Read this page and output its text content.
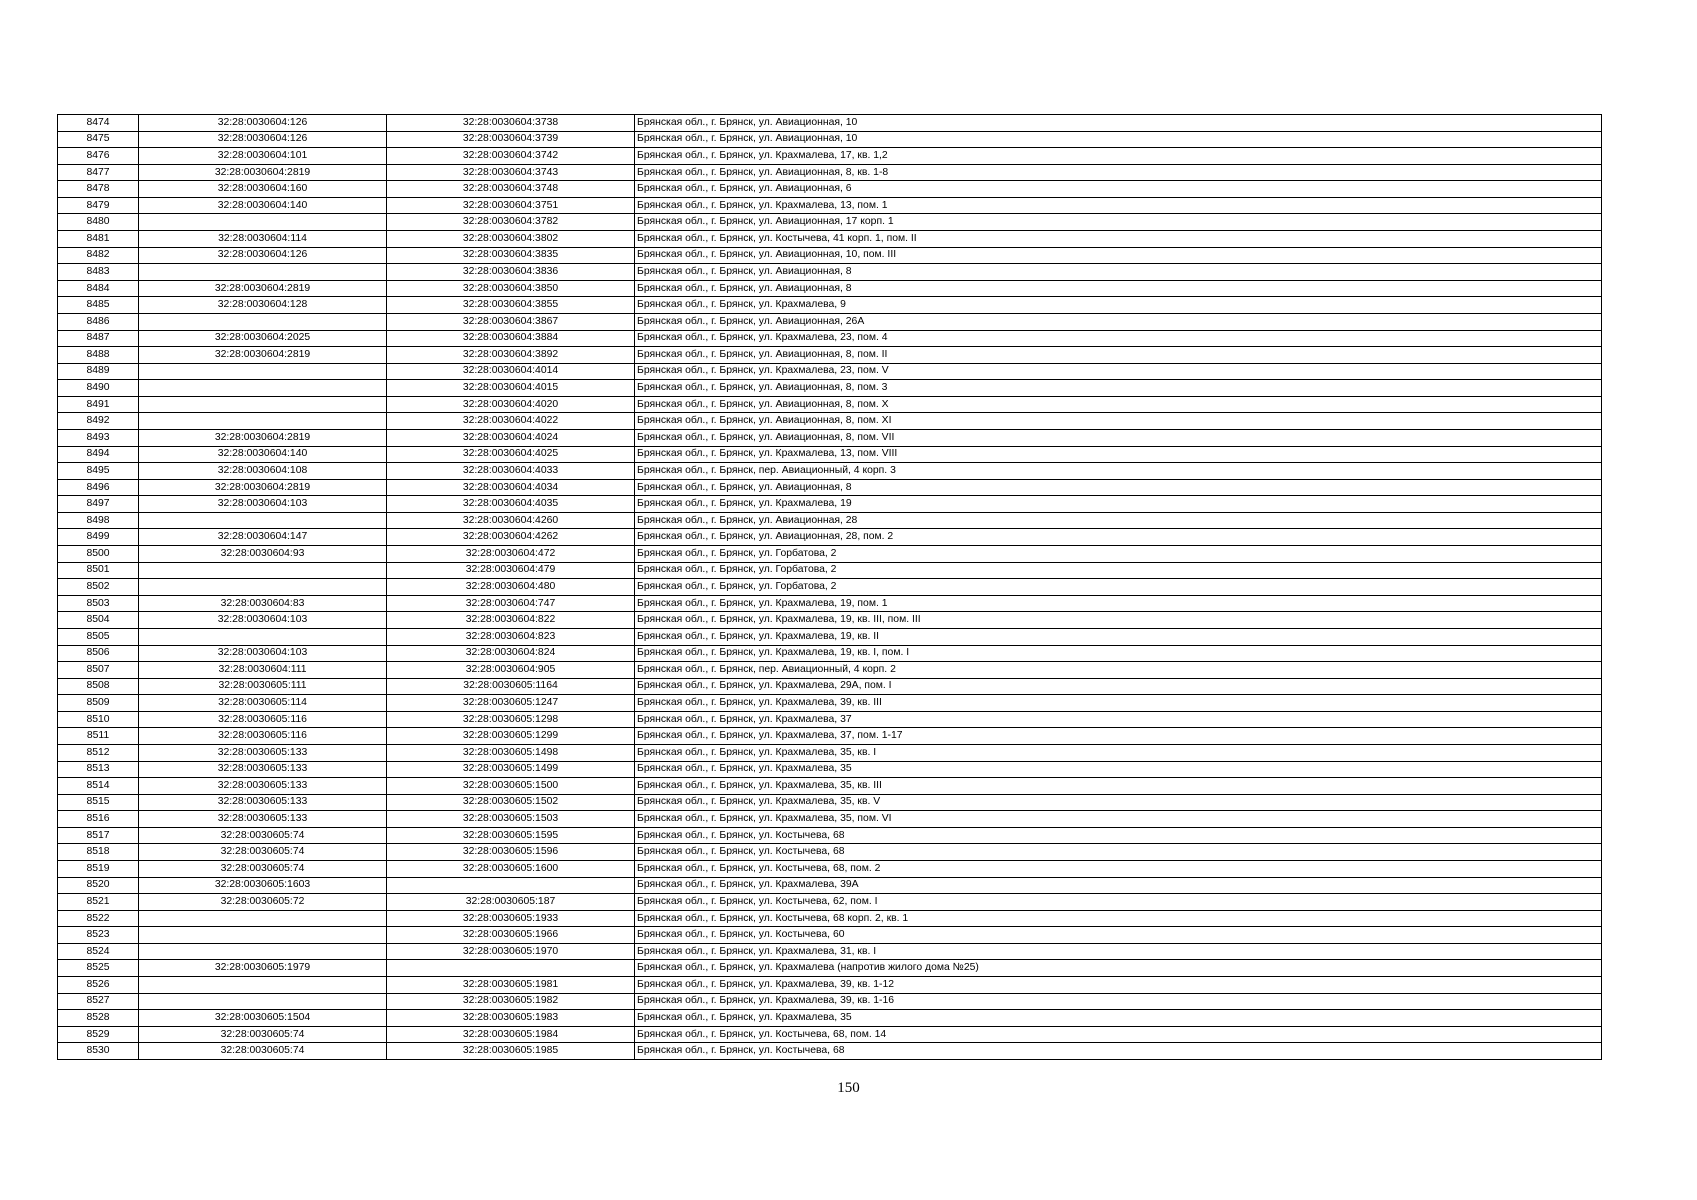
8474	32:28:0030604:126	32:28:0030604:3738	Брянская обл., г. Брянск, ул. Авиационная, 10
8475	32:28:0030604:126	32:28:0030604:3739	Брянская обл., г. Брянск, ул. Авиационная, 10
8476	32:28:0030604:101	32:28:0030604:3742	Брянская обл., г. Брянск, ул. Крахмалева, 17, кв. 1,2
8477	32:28:0030604:2819	32:28:0030604:3743	Брянская обл., г. Брянск, ул. Авиационная, 8, кв. 1-8
8478	32:28:0030604:160	32:28:0030604:3748	Брянская обл., г. Брянск, ул. Авиационная, 6
8479	32:28:0030604:140	32:28:0030604:3751	Брянская обл., г. Брянск, ул. Крахмалева, 13, пом. 1
8480		32:28:0030604:3782	Брянская обл., г. Брянск, ул. Авиационная, 17 корп. 1
8481	32:28:0030604:114	32:28:0030604:3802	Брянская обл., г. Брянск, ул. Костычева, 41 корп. 1, пом. II
8482	32:28:0030604:126	32:28:0030604:3835	Брянская обл., г. Брянск, ул. Авиационная, 10, пом. III
8483		32:28:0030604:3836	Брянская обл., г. Брянск, ул. Авиационная, 8
8484	32:28:0030604:2819	32:28:0030604:3850	Брянская обл., г. Брянск, ул. Авиационная, 8
8485	32:28:0030604:128	32:28:0030604:3855	Брянская обл., г. Брянск, ул. Крахмалева, 9
8486		32:28:0030604:3867	Брянская обл., г. Брянск, ул. Авиационная, 26А
8487	32:28:0030604:2025	32:28:0030604:3884	Брянская обл., г. Брянск, ул. Крахмалева, 23, пом. 4
8488	32:28:0030604:2819	32:28:0030604:3892	Брянская обл., г. Брянск, ул. Авиационная, 8, пом. II
8489		32:28:0030604:4014	Брянская обл., г. Брянск, ул. Крахмалева, 23, пом. V
8490		32:28:0030604:4015	Брянская обл., г. Брянск, ул. Авиационная, 8, пом. 3
8491		32:28:0030604:4020	Брянская обл., г. Брянск, ул. Авиационная, 8, пом. X
8492		32:28:0030604:4022	Брянская обл., г. Брянск, ул. Авиационная, 8, пом. XI
8493	32:28:0030604:2819	32:28:0030604:4024	Брянская обл., г. Брянск, ул. Авиационная, 8, пом. VII
8494	32:28:0030604:140	32:28:0030604:4025	Брянская обл., г. Брянск, ул. Крахмалева, 13, пом. VIII
8495	32:28:0030604:108	32:28:0030604:4033	Брянская обл., г. Брянск, пер. Авиационный, 4 корп. 3
8496	32:28:0030604:2819	32:28:0030604:4034	Брянская обл., г. Брянск, ул. Авиационная, 8
8497	32:28:0030604:103	32:28:0030604:4035	Брянская обл., г. Брянск, ул. Крахмалева, 19
8498		32:28:0030604:4260	Брянская обл., г. Брянск, ул. Авиационная, 28
8499	32:28:0030604:147	32:28:0030604:4262	Брянская обл., г. Брянск, ул. Авиационная, 28, пом. 2
8500	32:28:0030604:93	32:28:0030604:472	Брянская обл., г. Брянск, ул. Горбатова, 2
8501		32:28:0030604:479	Брянская обл., г. Брянск, ул. Горбатова, 2
8502		32:28:0030604:480	Брянская обл., г. Брянск, ул. Горбатова, 2
8503	32:28:0030604:83	32:28:0030604:747	Брянская обл., г. Брянск, ул. Крахмалева, 19, пом. 1
8504	32:28:0030604:103	32:28:0030604:822	Брянская обл., г. Брянск, ул. Крахмалева, 19, кв. III, пом. III
8505		32:28:0030604:823	Брянская обл., г. Брянск, ул. Крахмалева, 19, кв. II
8506	32:28:0030604:103	32:28:0030604:824	Брянская обл., г. Брянск, ул. Крахмалева, 19, кв. I, пом. I
8507	32:28:0030604:111	32:28:0030604:905	Брянская обл., г. Брянск, пер. Авиационный, 4 корп. 2
8508	32:28:0030605:111	32:28:0030605:1164	Брянская обл., г. Брянск, ул. Крахмалева, 29А, пом. I
8509	32:28:0030605:114	32:28:0030605:1247	Брянская обл., г. Брянск, ул. Крахмалева, 39, кв. III
8510	32:28:0030605:116	32:28:0030605:1298	Брянская обл., г. Брянск, ул. Крахмалева, 37
8511	32:28:0030605:116	32:28:0030605:1299	Брянская обл., г. Брянск, ул. Крахмалева, 37, пом. 1-17
8512	32:28:0030605:133	32:28:0030605:1498	Брянская обл., г. Брянск, ул. Крахмалева, 35, кв. I
8513	32:28:0030605:133	32:28:0030605:1499	Брянская обл., г. Брянск, ул. Крахмалева, 35
8514	32:28:0030605:133	32:28:0030605:1500	Брянская обл., г. Брянск, ул. Крахмалева, 35, кв. III
8515	32:28:0030605:133	32:28:0030605:1502	Брянская обл., г. Брянск, ул. Крахмалева, 35, кв. V
8516	32:28:0030605:133	32:28:0030605:1503	Брянская обл., г. Брянск, ул. Крахмалева, 35, пом. VI
8517	32:28:0030605:74	32:28:0030605:1595	Брянская обл., г. Брянск, ул. Костычева, 68
8518	32:28:0030605:74	32:28:0030605:1596	Брянская обл., г. Брянск, ул. Костычева, 68
8519	32:28:0030605:74	32:28:0030605:1600	Брянская обл., г. Брянск, ул. Костычева, 68, пом. 2
8520	32:28:0030605:1603		Брянская обл., г. Брянск, ул. Крахмалева, 39А
8521	32:28:0030605:72	32:28:0030605:187	Брянская обл., г. Брянск, ул. Костычева, 62, пом. I
8522		32:28:0030605:1933	Брянская обл., г. Брянск, ул. Костычева, 68 корп. 2, кв. 1
8523		32:28:0030605:1966	Брянская обл., г. Брянск, ул. Костычева, 60
8524		32:28:0030605:1970	Брянская обл., г. Брянск, ул. Крахмалева, 31, кв. I
8525	32:28:0030605:1979		Брянская обл., г. Брянск, ул. Крахмалева (напротив жилого дома №25)
8526		32:28:0030605:1981	Брянская обл., г. Брянск, ул. Крахмалева, 39, кв. 1-12
8527		32:28:0030605:1982	Брянская обл., г. Брянск, ул. Крахмалева, 39, кв. 1-16
8528	32:28:0030605:1504	32:28:0030605:1983	Брянская обл., г. Брянск, ул. Крахмалева, 35
8529	32:28:0030605:74	32:28:0030605:1984	Брянская обл., г. Брянск, ул. Костычева, 68, пом. 14
8530	32:28:0030605:74	32:28:0030605:1985	Брянская обл., г. Брянск, ул. Костычева, 68
150
